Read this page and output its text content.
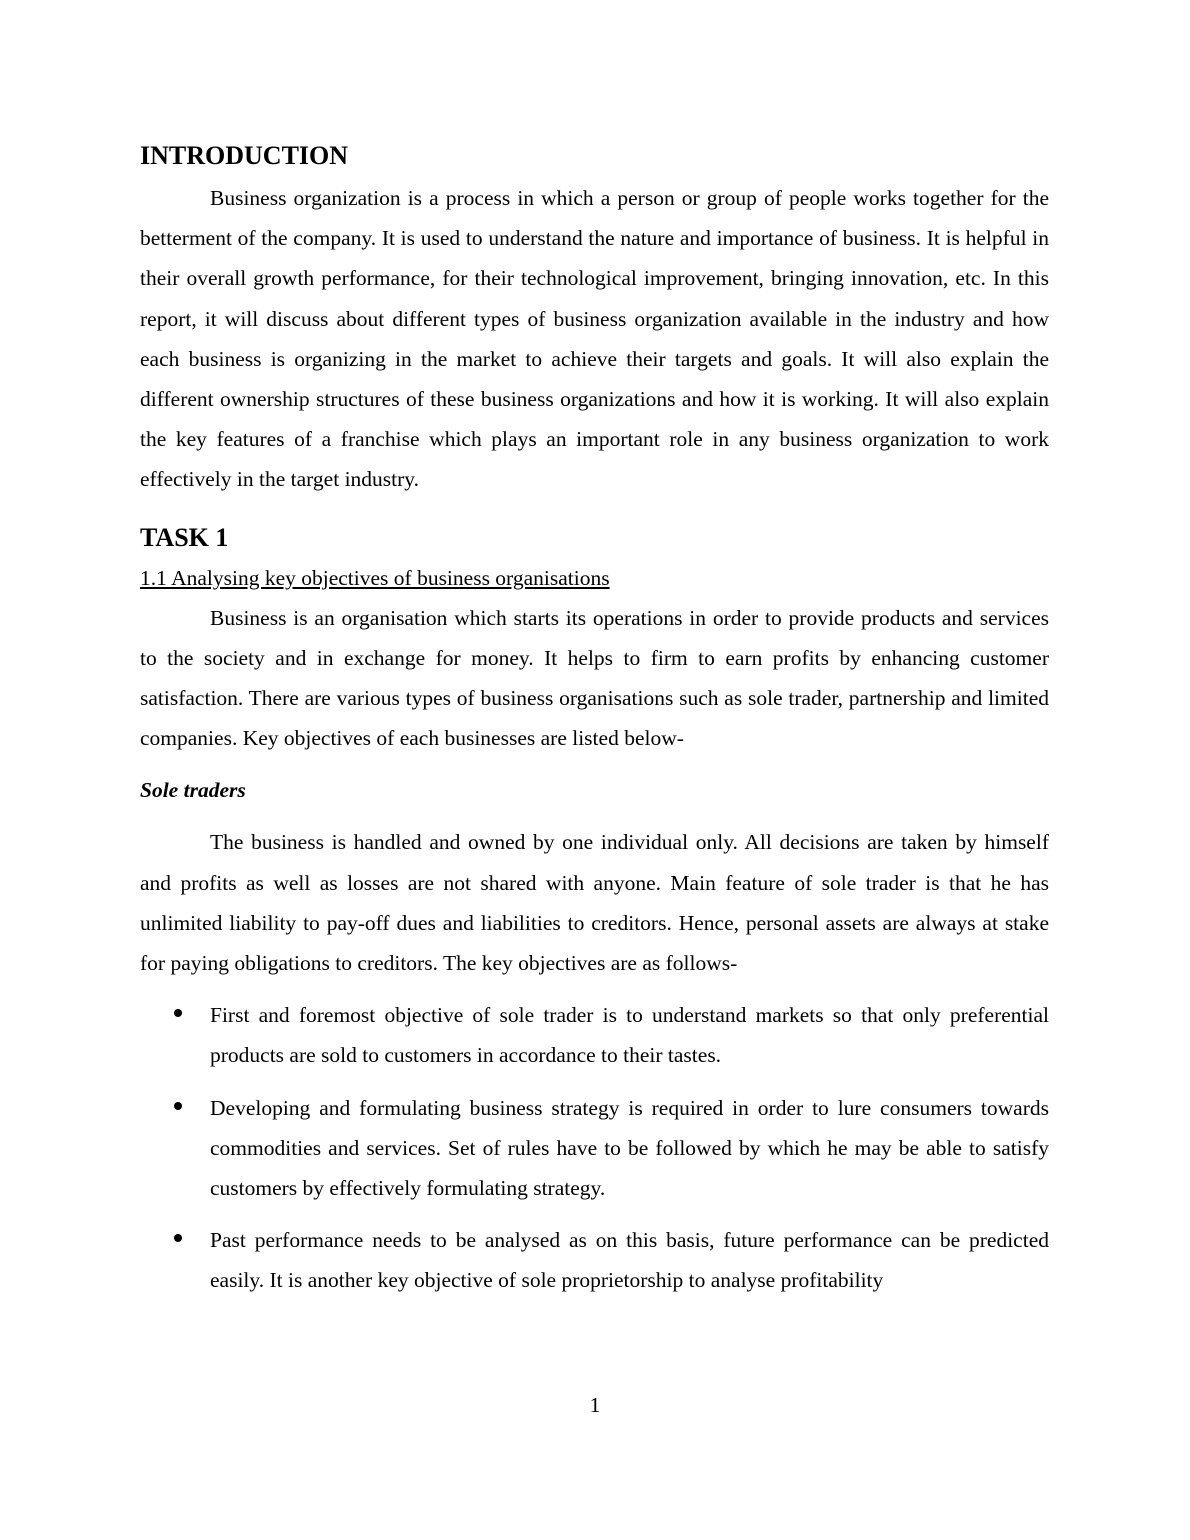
INTRODUCTION

Business organization is a process in which a person or group of people works together for the betterment of the company. It is used to understand the nature and importance of business. It is helpful in their overall growth performance, for their technological improvement, bringing innovation, etc. In this report, it will discuss about different types of business organization available in the industry and how each business is organizing in the market to achieve their targets and goals. It will also explain the different ownership structures of these business organizations and how it is working. It will also explain the key features of a franchise which plays an important role in any business organization to work effectively in the target industry.

TASK 1
1.1 Analysing key objectives of business organisations

Business is an organisation which starts its operations in order to provide products and services to the society and in exchange for money. It helps to firm to earn profits by enhancing customer satisfaction. There are various types of business organisations such as sole trader, partnership and limited companies. Key objectives of each businesses are listed below-

Sole traders

The business is handled and owned by one individual only. All decisions are taken by himself and profits as well as losses are not shared with anyone. Main feature of sole trader is that he has unlimited liability to pay-off dues and liabilities to creditors. Hence, personal assets are always at stake for paying obligations to creditors. The key objectives are as follows-

First and foremost objective of sole trader is to understand markets so that only preferential products are sold to customers in accordance to their tastes.
Developing and formulating business strategy is required in order to lure consumers towards commodities and services. Set of rules have to be followed by which he may be able to satisfy customers by effectively formulating strategy.
Past performance needs to be analysed as on this basis, future performance can be predicted easily. It is another key objective of sole proprietorship to analyse profitability
1
